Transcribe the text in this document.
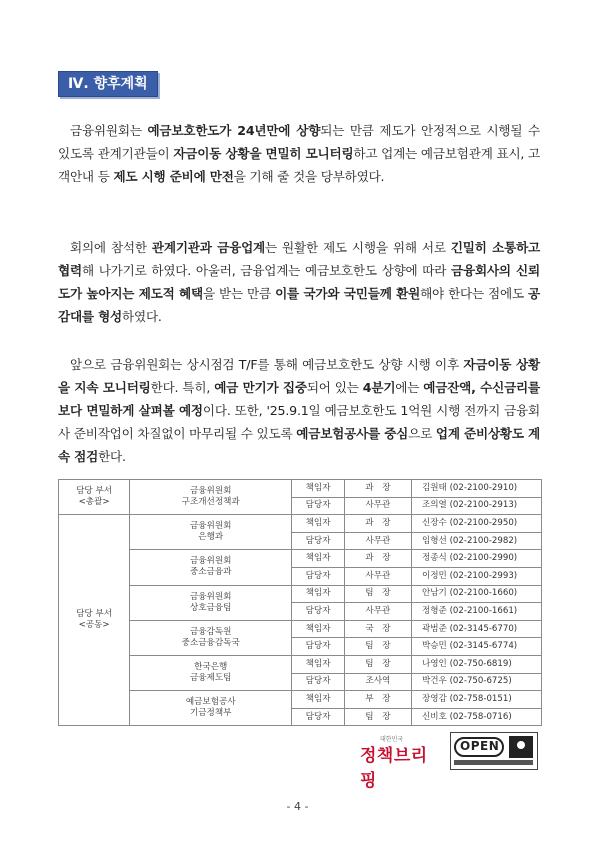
Ⅳ. 향후계획
금융위원회는 예금보호한도가 24년만에 상향되는 만큼 제도가 안정적으로 시행될 수 있도록 관계기관들이 자금이동 상황을 면밀히 모니터링하고 업계는 예금보험관계 표시, 고객안내 등 제도 시행 준비에 만전을 기해 줄 것을 당부하였다.
회의에 참석한 관계기관과 금융업계는 원활한 제도 시행을 위해 서로 긴밀히 소통하고 협력해 나가기로 하였다. 아울러, 금융업계는 예금보호한도 상향에 따라 금융회사의 신뢰도가 높아지는 제도적 혜택을 받는 만큼 이를 국가와 국민들께 환원해야 한다는 점에도 공감대를 형성하였다.
앞으로 금융위원회는 상시점검 T/F를 통해 예금보호한도 상향 시행 이후 자금이동 상황을 지속 모니터링한다. 특히, 예금 만기가 집중되어 있는 4분기에는 예금잔액, 수신금리를 보다 면밀하게 살펴볼 예정이다. 또한, '25.9.1일 예금보호한도 1억원 시행 전까지 금융회사 준비작업이 차질없이 마무리될 수 있도록 예금보험공사를 중심으로 업계 준비상황도 계속 점검한다.
담당 부서
<총괄>	금융위원회
구조개선정책과	책임자	과　장	김원태 (02-2100-2910)
		담당자	사무관	조의열 (02-2100-2913)
담당 부서
<공동>	금융위원회
은행과	책임자	과　장	신장수 (02-2100-2950)
		담당자	사무관	임형선 (02-2100-2982)
	금융위원회
중소금융과	책임자	과　장	정종식 (02-2100-2990)
		담당자	사무관	이정민 (02-2100-2993)
	금융위원회
상호금융팀	책임자	팀　장	안남기 (02-2100-1660)
		담당자	사무관	정형준 (02-2100-1661)
	금융감독원
중소금융감독국	책임자	국　장	곽범준 (02-3145-6770)
		담당자	팀　장	박승민 (02-3145-6774)
	한국은행
금융제도팀	책임자	팀　장	나영인 (02-750-6819)
		담당자	조사역	박건우 (02-750-6725)
	예금보험공사
기금정책부	책임자	부　장	장영감 (02-758-0151)
		담당자	팀　장	신비호 (02-758-0716)
대한민국
정책브리핑
OPEN
- 4 -
